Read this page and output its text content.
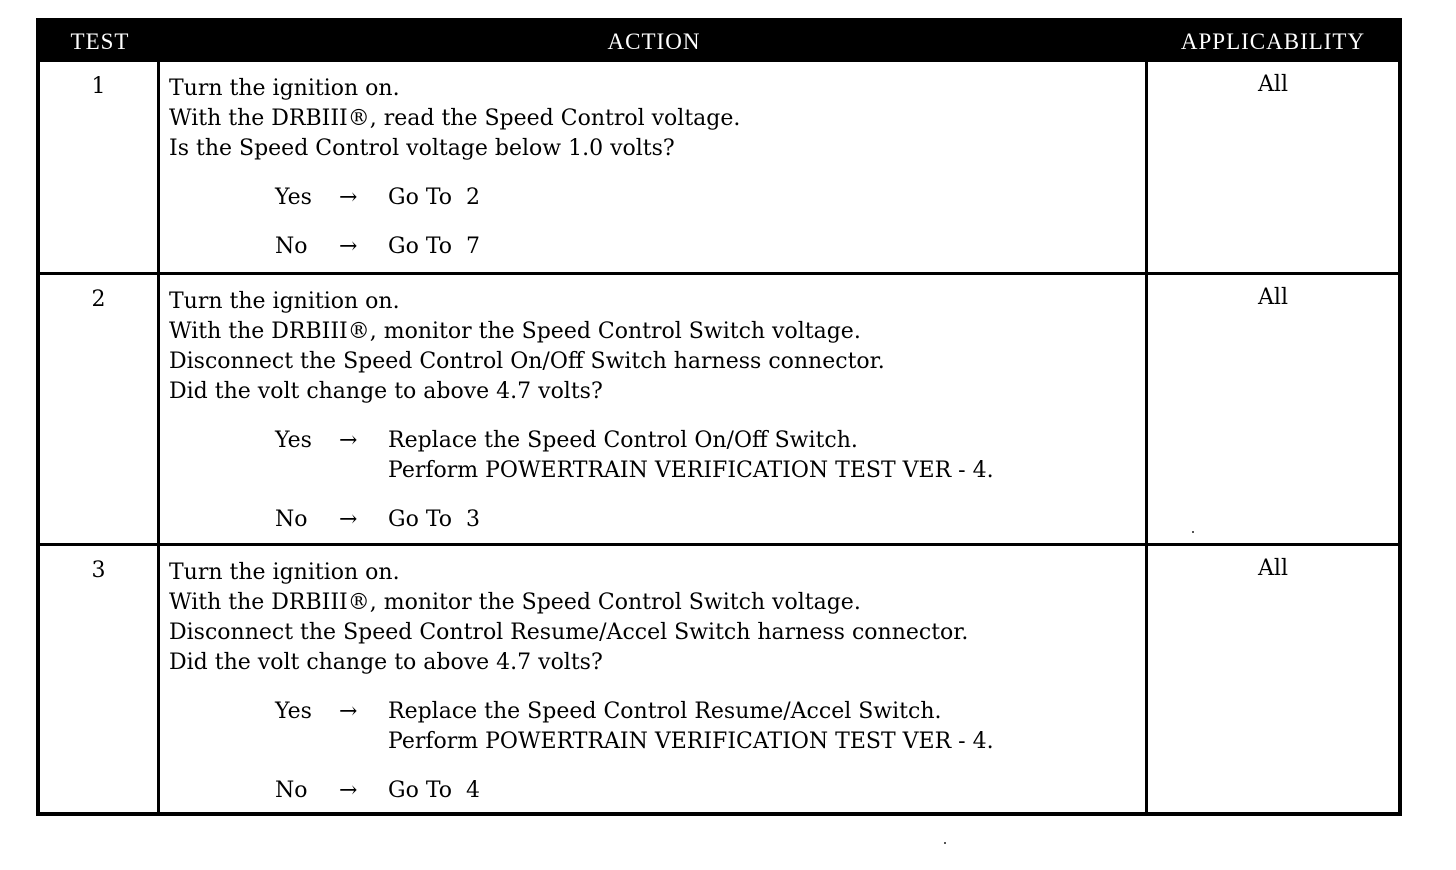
TEST	ACTION	APPLICABILITY
1	Turn the ignition on.
With the DRBIII®, read the Speed Control voltage.
Is the Speed Control voltage below 1.0 volts?
Yes	→	Go To  2
No	→	Go To  7
All
2	Turn the ignition on.
With the DRBIII®, monitor the Speed Control Switch voltage.
Disconnect the Speed Control On/Off Switch harness connector.
Did the volt change to above 4.7 volts?
Yes	→	Replace the Speed Control On/Off Switch.
Perform POWERTRAIN VERIFICATION TEST VER - 4.
No	→	Go To  3
All
3	Turn the ignition on.
With the DRBIII®, monitor the Speed Control Switch voltage.
Disconnect the Speed Control Resume/Accel Switch harness connector.
Did the volt change to above 4.7 volts?
Yes	→	Replace the Speed Control Resume/Accel Switch.
Perform POWERTRAIN VERIFICATION TEST VER - 4.
No	→	Go To  4
All
